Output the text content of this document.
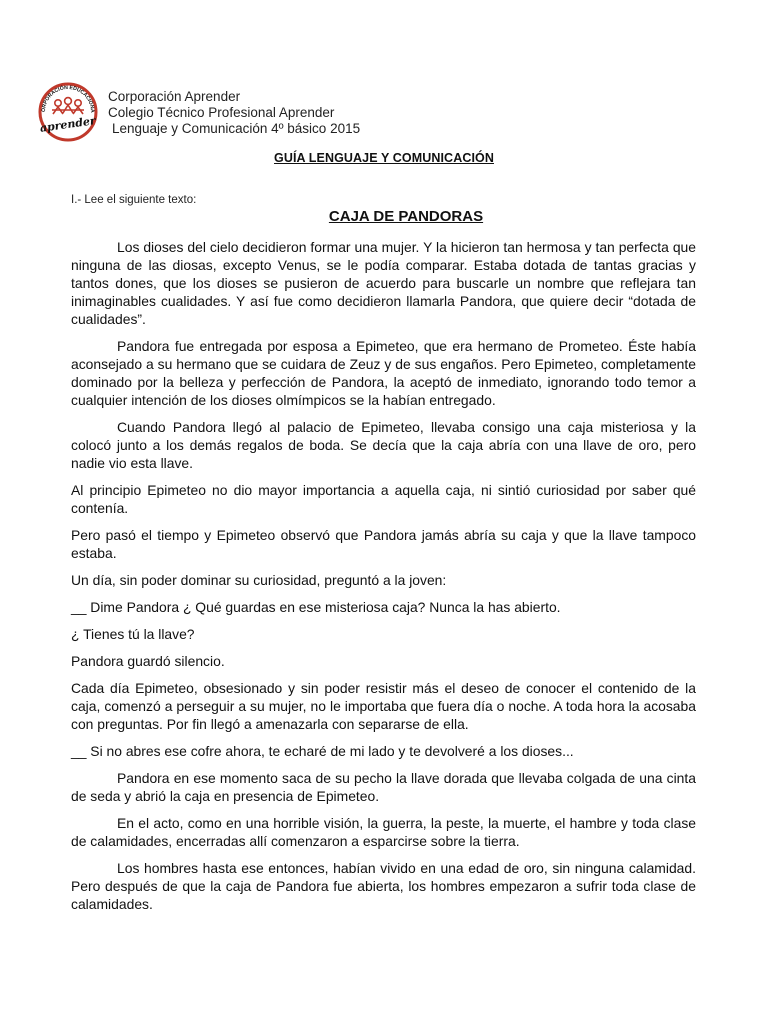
ORPORACIÓN EDUCACIONA
aprender
Corporación Aprender
Colegio Técnico Profesional Aprender
Lenguaje y Comunicación 4º básico 2015
GUÍA LENGUAJE Y COMUNICACIÓN
I.- Lee el siguiente texto:
CAJA DE PANDORAS

Los dioses del cielo decidieron formar una mujer. Y la hicieron tan hermosa y tan perfecta que ninguna de las diosas, excepto Venus, se le podía comparar. Estaba dotada de tantas gracias y tantos dones, que los dioses se pusieron de acuerdo para buscarle un nombre que reflejara tan inimaginables cualidades. Y así fue como decidieron llamarla Pandora, que quiere decir “dotada de cualidades”.

Pandora fue entregada por esposa a Epimeteo, que era hermano de Prometeo. Éste había aconsejado a su hermano que se cuidara de Zeuz y de sus engaños. Pero Epimeteo, completamente dominado por la belleza y perfección de Pandora, la aceptó de inmediato, ignorando todo temor a cualquier intención de los dioses olmímpicos se la habían entregado.

Cuando Pandora llegó al palacio de Epimeteo, llevaba consigo una caja misteriosa y la colocó junto a los demás regalos de boda. Se decía que la caja abría con una llave de oro, pero nadie vio esta llave.

Al principio Epimeteo no dio mayor importancia a aquella caja, ni sintió curiosidad por saber qué contenía.

Pero pasó el tiempo y Epimeteo observó que Pandora jamás abría su caja y que la llave tampoco estaba.

Un día, sin poder dominar su curiosidad, preguntó a la joven:

__ Dime Pandora ¿ Qué guardas en ese misteriosa caja? Nunca la has abierto.

¿ Tienes tú la llave?

Pandora guardó silencio.

Cada día Epimeteo, obsesionado y sin poder resistir más el deseo de conocer el contenido de la caja, comenzó a perseguir a su mujer, no le importaba que fuera día o noche. A toda hora la acosaba con preguntas. Por fin llegó a amenazarla con separarse de ella.

__ Si no abres ese cofre ahora, te echaré de mi lado y te devolveré a los dioses...

Pandora en ese momento saca de su pecho la llave dorada que llevaba colgada de una cinta de seda y abrió la caja en presencia de Epimeteo.

En el acto, como en una horrible visión, la guerra, la peste, la muerte, el hambre y toda clase de calamidades, encerradas allí comenzaron a esparcirse sobre la tierra.

Los hombres hasta ese entonces, habían vivido en una edad de oro, sin ninguna calamidad. Pero después de que la caja de Pandora fue abierta, los hombres empezaron a sufrir toda clase de calamidades.
